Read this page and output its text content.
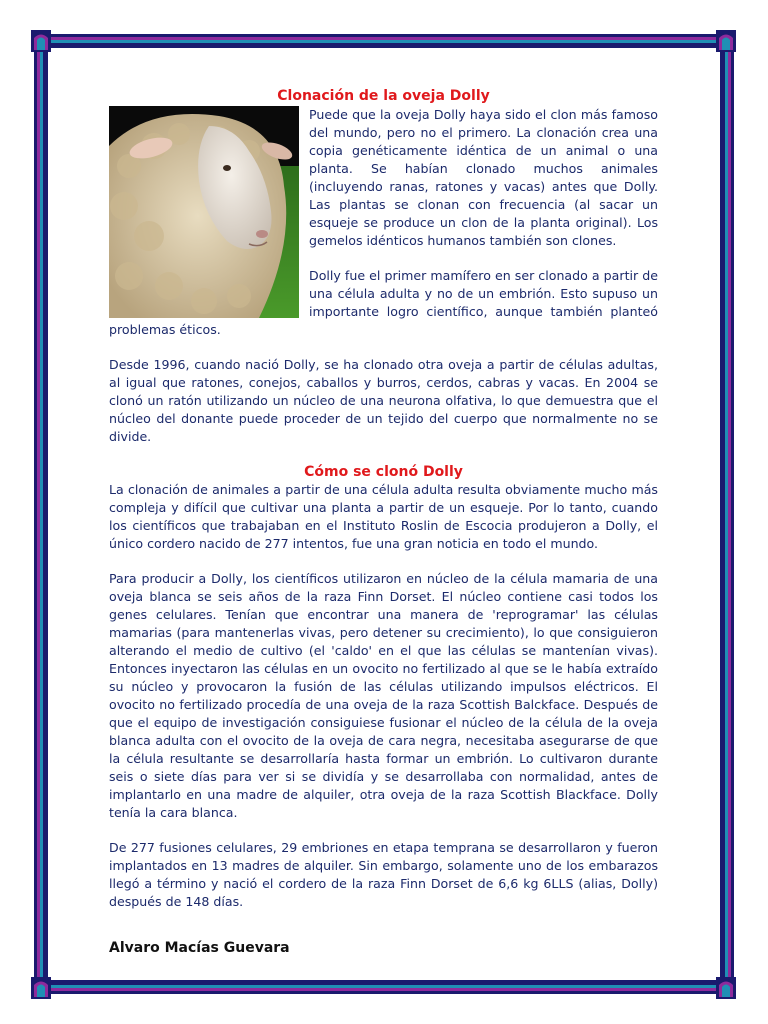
Clonación de la oveja Dolly

Puede que la oveja Dolly haya sido el clon más famoso del mundo, pero no el primero. La clonación crea una copia genéticamente idéntica de un animal o una planta. Se habían clonado muchos animales (incluyendo ranas, ratones y vacas) antes que Dolly. Las plantas se clonan con frecuencia (al sacar un esqueje se produce un clon de la planta original). Los gemelos idénticos humanos también son clones.

Dolly fue el primer mamífero en ser clonado a partir de una célula adulta y no de un embrión. Esto supuso un importante logro científico, aunque también planteó problemas éticos.

Desde 1996, cuando nació Dolly, se ha clonado otra oveja a partir de células adultas, al igual que ratones, conejos, caballos y burros, cerdos, cabras y vacas. En 2004 se clonó un ratón utilizando un núcleo de una neurona olfativa, lo que demuestra que el núcleo del donante puede proceder de un tejido del cuerpo que normalmente no se divide.

Cómo se clonó Dolly

La clonación de animales a partir de una célula adulta resulta obviamente mucho más compleja y difícil que cultivar una planta a partir de un esqueje. Por lo tanto, cuando los científicos que trabajaban en el Instituto Roslin de Escocia produjeron a Dolly, el único cordero nacido de 277 intentos, fue una gran noticia en todo el mundo.

Para producir a Dolly, los científicos utilizaron en núcleo de la célula mamaria de una oveja blanca se seis años de la raza Finn Dorset. El núcleo contiene casi todos los genes celulares. Tenían que encontrar una manera de 'reprogramar' las células mamarias (para mantenerlas vivas, pero detener su crecimiento), lo que consiguieron alterando el medio de cultivo (el 'caldo' en el que las células se mantenían vivas). Entonces inyectaron las células en un ovocito no fertilizado al que se le había extraído su núcleo y provocaron la fusión de las células utilizando impulsos eléctricos. El ovocito no fertilizado procedía de una oveja de la raza Scottish Balckface. Después de que el equipo de investigación consiguiese fusionar el núcleo de la célula de la oveja blanca adulta con el ovocito de la oveja de cara negra, necesitaba asegurarse de que la célula resultante se desarrollaría hasta formar un embrión. Lo cultivaron durante seis o siete días para ver si se dividía y se desarrollaba con normalidad, antes de implantarlo en una madre de alquiler, otra oveja de la raza Scottish Blackface. Dolly tenía la cara blanca.

De 277 fusiones celulares, 29 embriones en etapa temprana se desarrollaron y fueron implantados en 13 madres de alquiler. Sin embargo, solamente uno de los embarazos llegó a término y nació el cordero de la raza Finn Dorset de 6,6 kg 6LLS (alias, Dolly) después de 148 días.

Alvaro Macías Guevara
